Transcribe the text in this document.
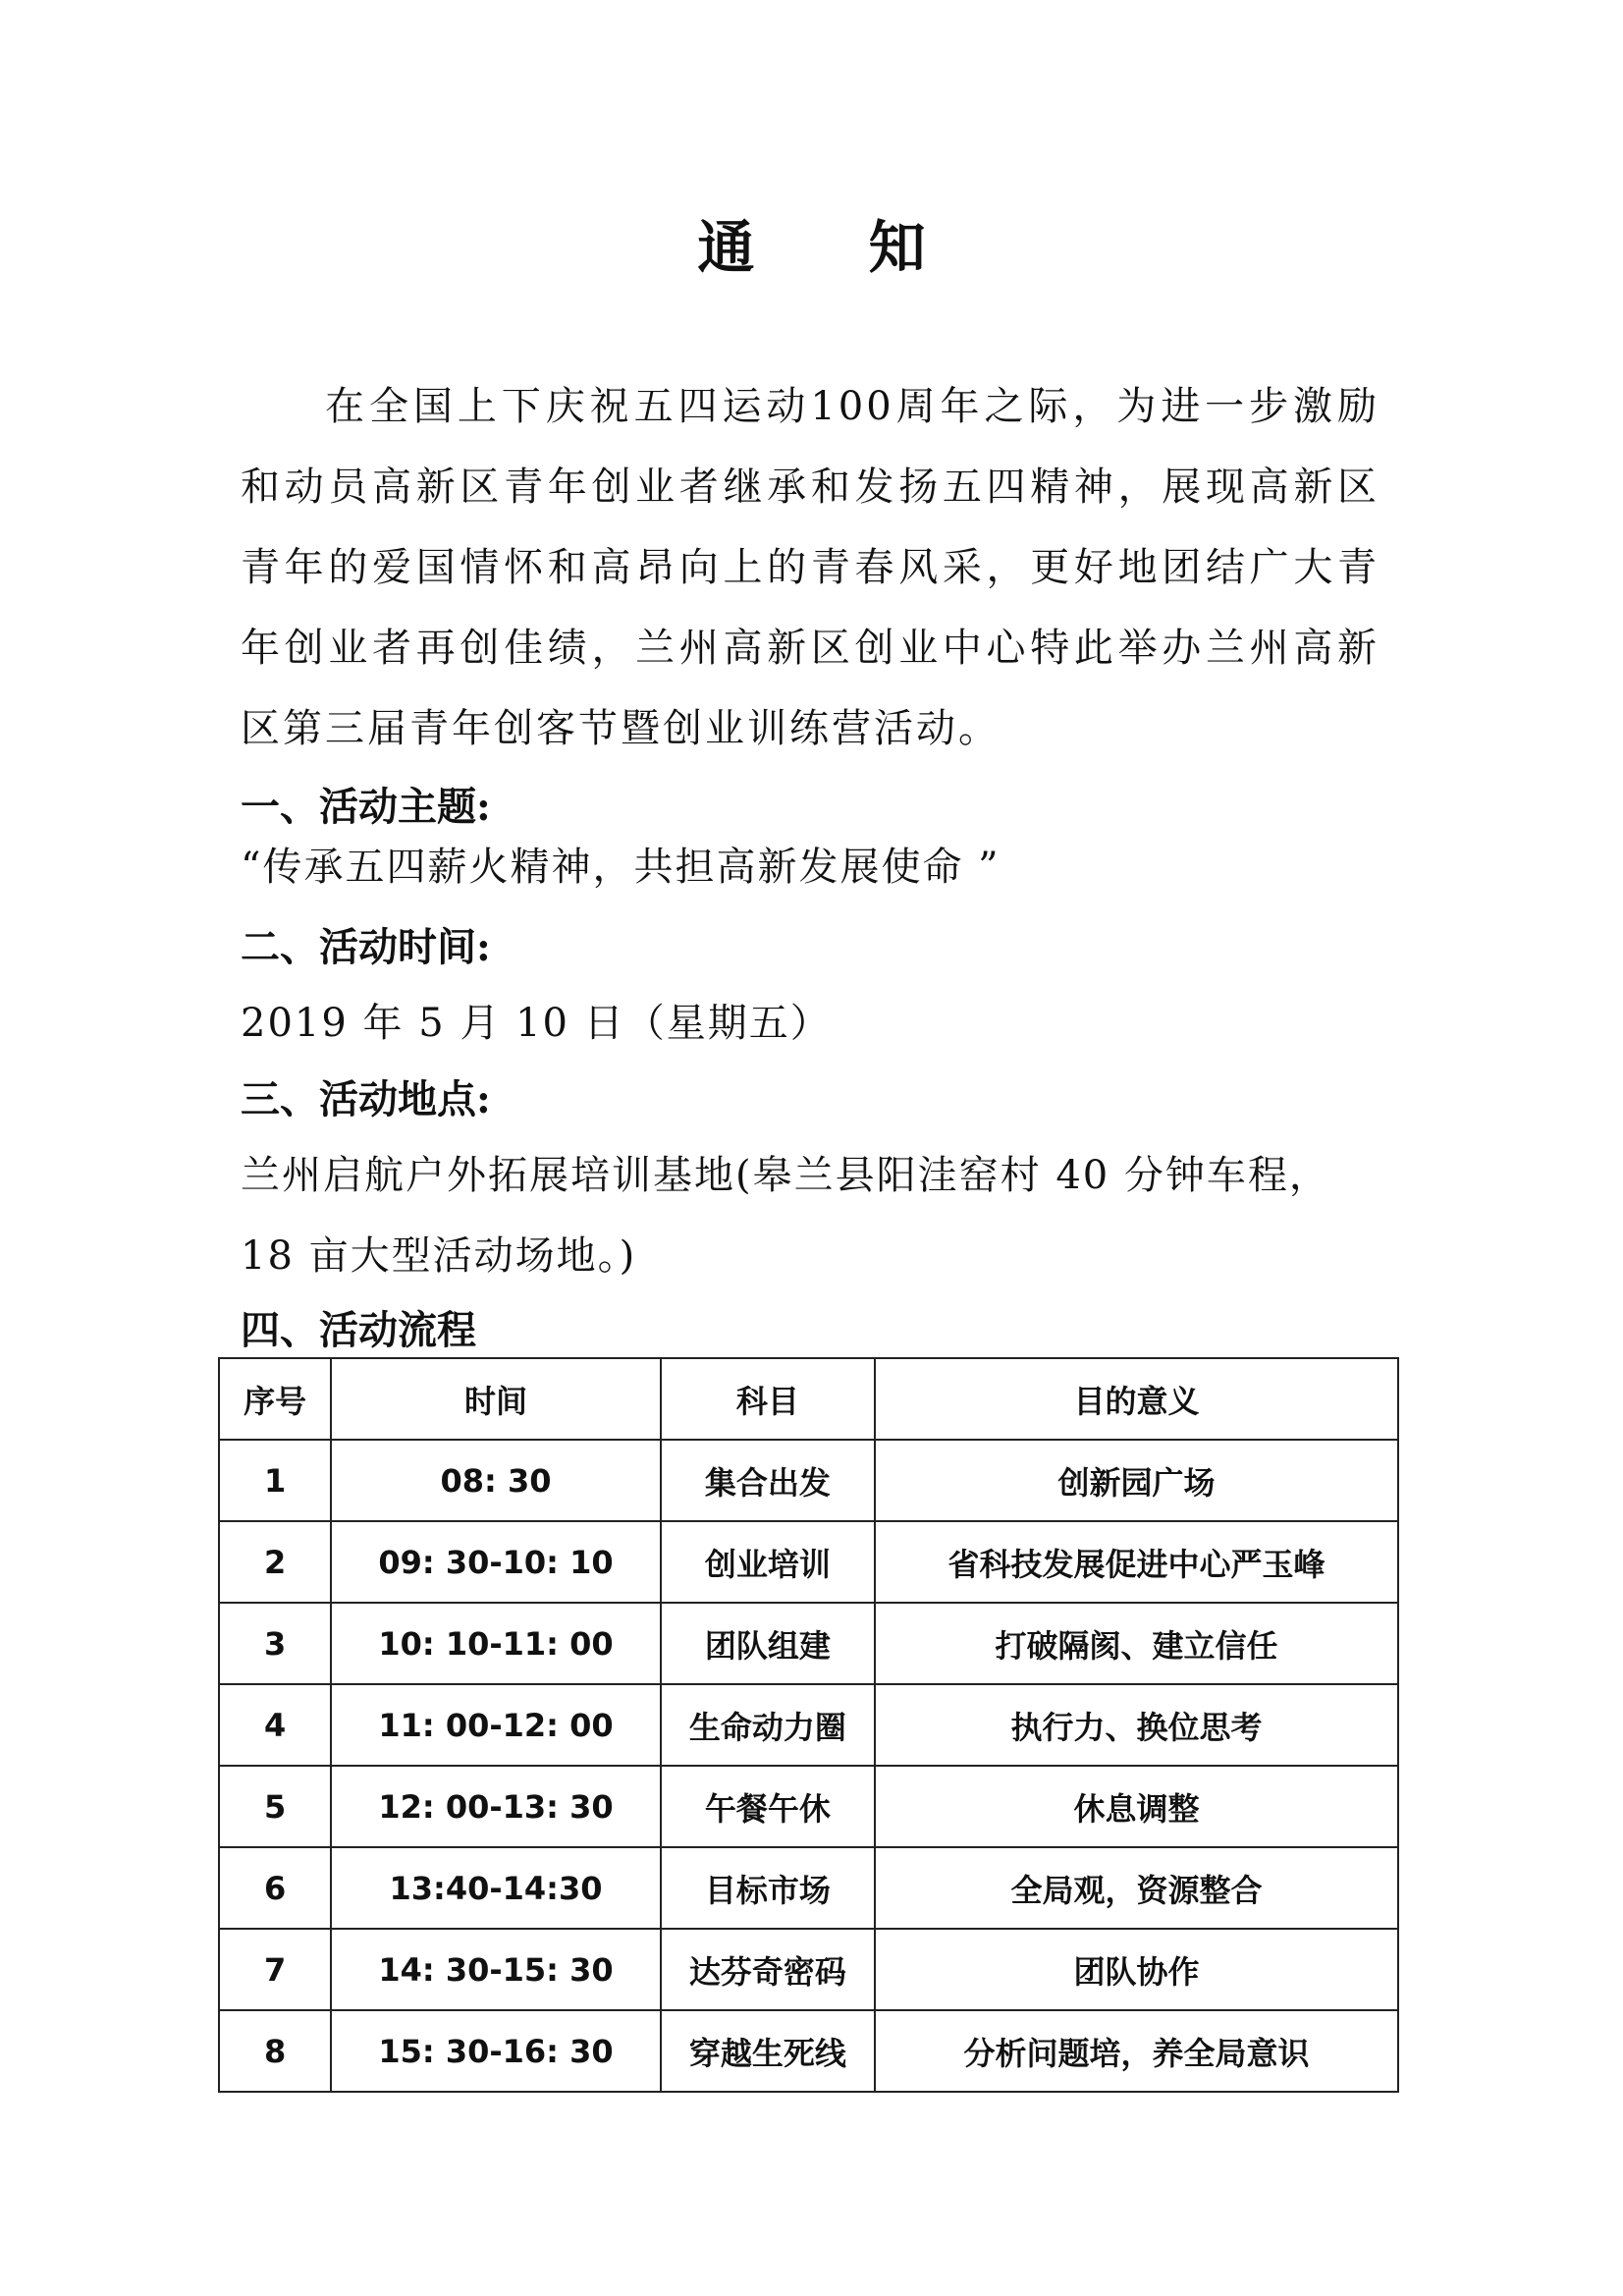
通 知

在全国上下庆祝五四运动100周年之际，为进一步激励和动员高新区青年创业者继承和发扬五四精神，展现高新区青年的爱国情怀和高昂向上的青春风采，更好地团结广大青年创业者再创佳绩，兰州高新区创业中心特此举办兰州高新区第三届青年创客节暨创业训练营活动。

一、活动主题:

“传承五四薪火精神，共担高新发展使命 ”

二、活动时间:

2019 年 5 月 10 日（星期五）

三、活动地点:

兰州启航户外拓展培训基地(皋兰县阳洼窑村 40 分钟车程，18 亩大型活动场地。)

四、活动流程

序号	时间	科目	目的意义
1	08: 30	集合出发	创新园广场
2	09: 30-10: 10	创业培训	省科技发展促进中心严玉峰
3	10: 10-11: 00	团队组建	打破隔阂、建立信任
4	11: 00-12: 00	生命动力圈	执行力、换位思考
5	12: 00-13: 30	午餐午休	休息调整
6	13:40-14:30	目标市场	全局观，资源整合
7	14: 30-15: 30	达芬奇密码	团队协作
8	15: 30-16: 30	穿越生死线	分析问题培，养全局意识
